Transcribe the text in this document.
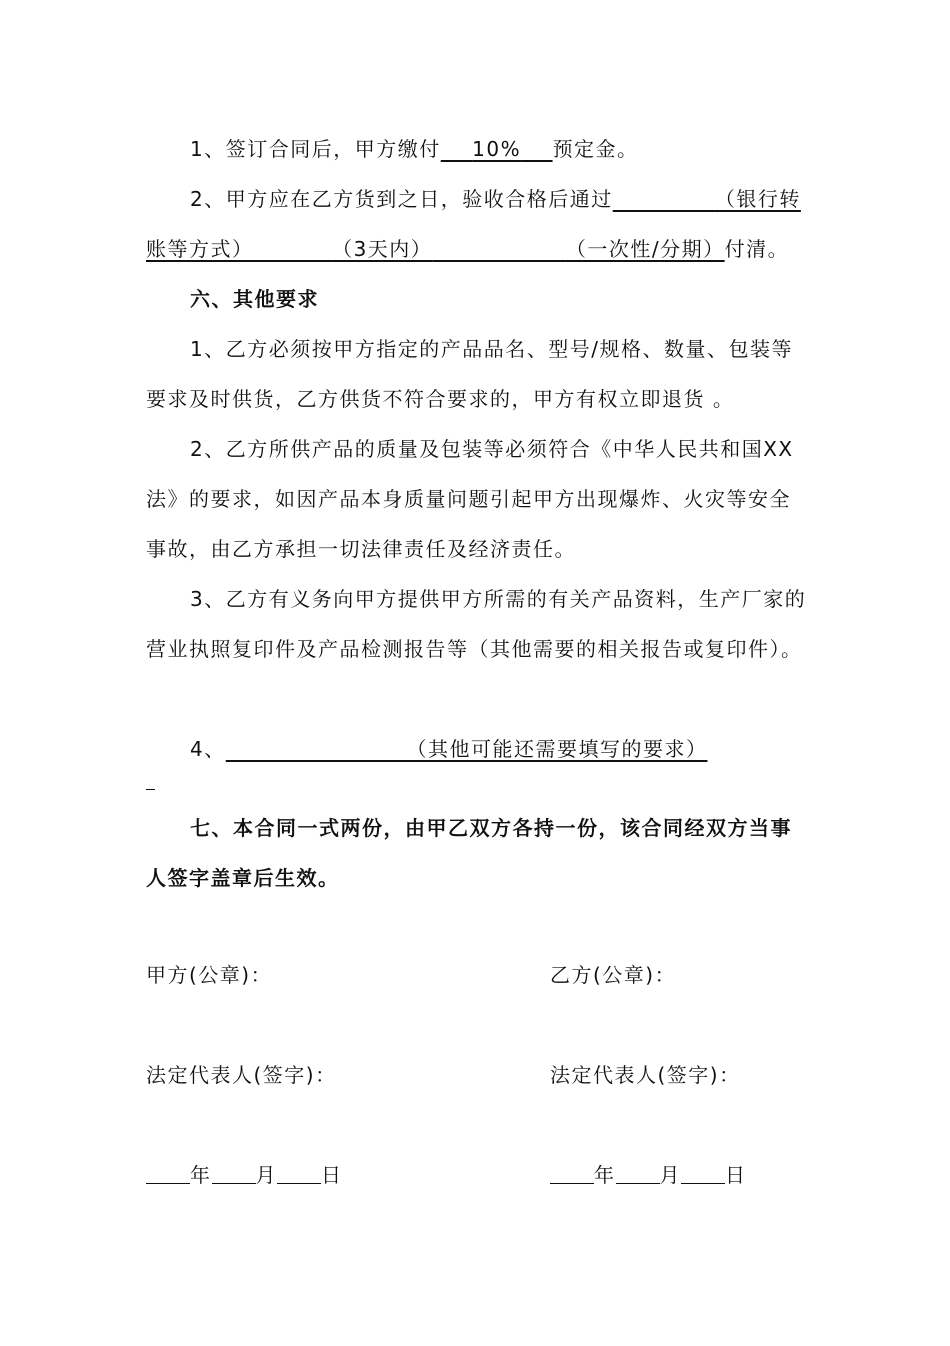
1、签订合同后，甲方缴付 10% 预定金。

2、甲方应在乙方货到之日，验收合格后通过	（银行转账等方式）	（3天内）	（一次性/分期）付清。

六、其他要求

1、乙方必须按甲方指定的产品品名、型号/规格、数量、包装等要求及时供货，乙方供货不符合要求的，甲方有权立即退货 。

2、乙方所供产品的质量及包装等必须符合《中华人民共和国XX法》的要求，如因产品本身质量问题引起甲方出现爆炸、火灾等安全事故，由乙方承担一切法律责任及经济责任。

3、乙方有义务向甲方提供甲方所需的有关产品资料，生产厂家的营业执照复印件及产品检测报告等（其他需要的相关报告或复印件）。

4、	（其他可能还需要填写的要求）

七、本合同一式两份，由甲乙双方各持一份，该合同经双方当事人签字盖章后生效。

甲方(公章)：	乙方(公章)：
法定代表人(签字)：	法定代表人(签字)：
年 月 日	年 月 日
